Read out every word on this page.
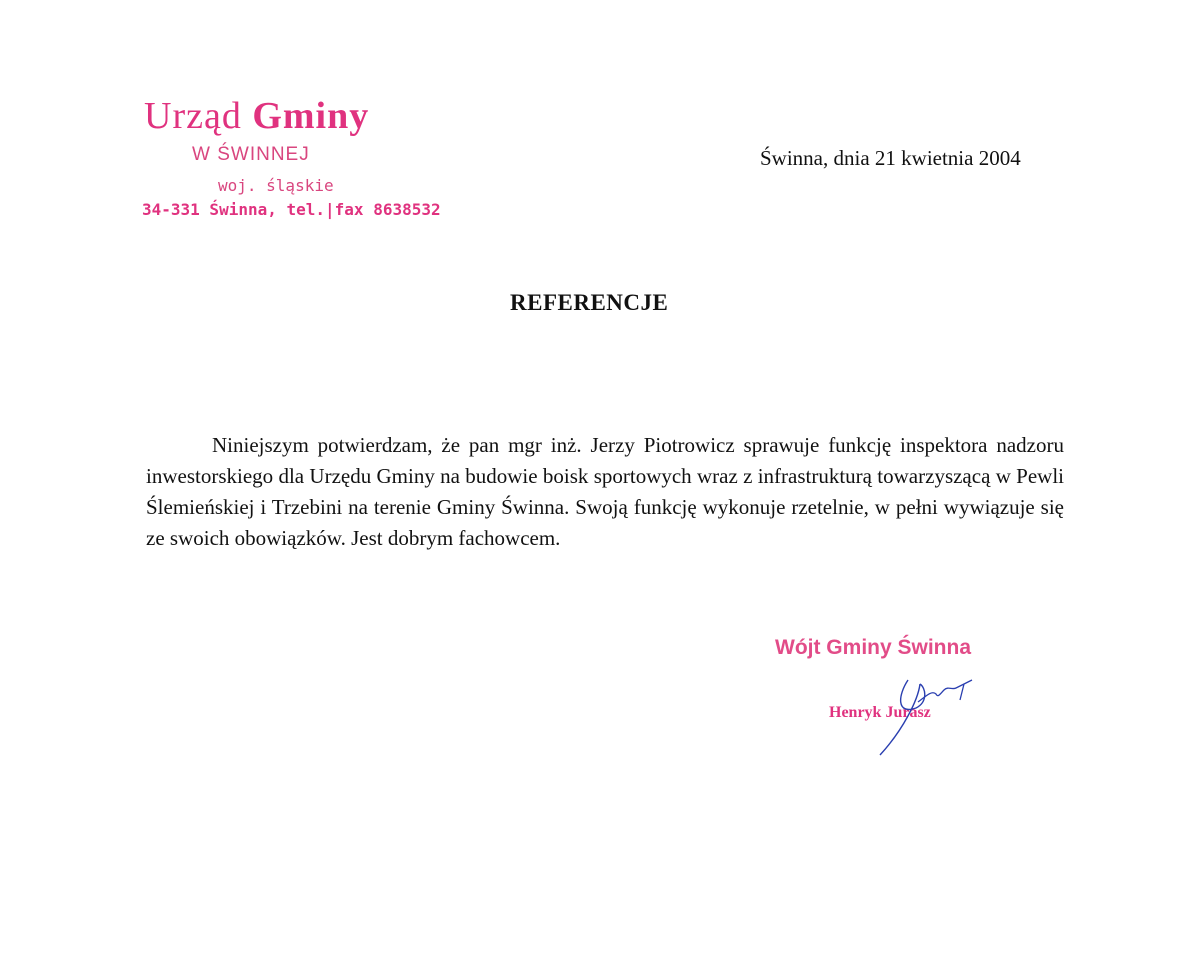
Urząd Gminy
W ŚWINNEJ
woj. śląskie
34-331 Świnna, tel.|fax 8638532
Świnna, dnia 21 kwietnia 2004
REFERENCJE
Niniejszym potwierdzam, że pan mgr inż. Jerzy Piotrowicz sprawuje funkcję inspektora nadzoru inwestorskiego dla Urzędu Gminy na budowie boisk sportowych wraz z infrastrukturą towarzyszącą w Pewli Ślemieńskiej i Trzebini na terenie Gminy Świnna. Swoją funkcję wykonuje rzetelnie, w pełni wywiązuje się ze swoich obowiązków. Jest dobrym fachowcem.
Wójt Gminy Świnna
Henryk Jurasz
